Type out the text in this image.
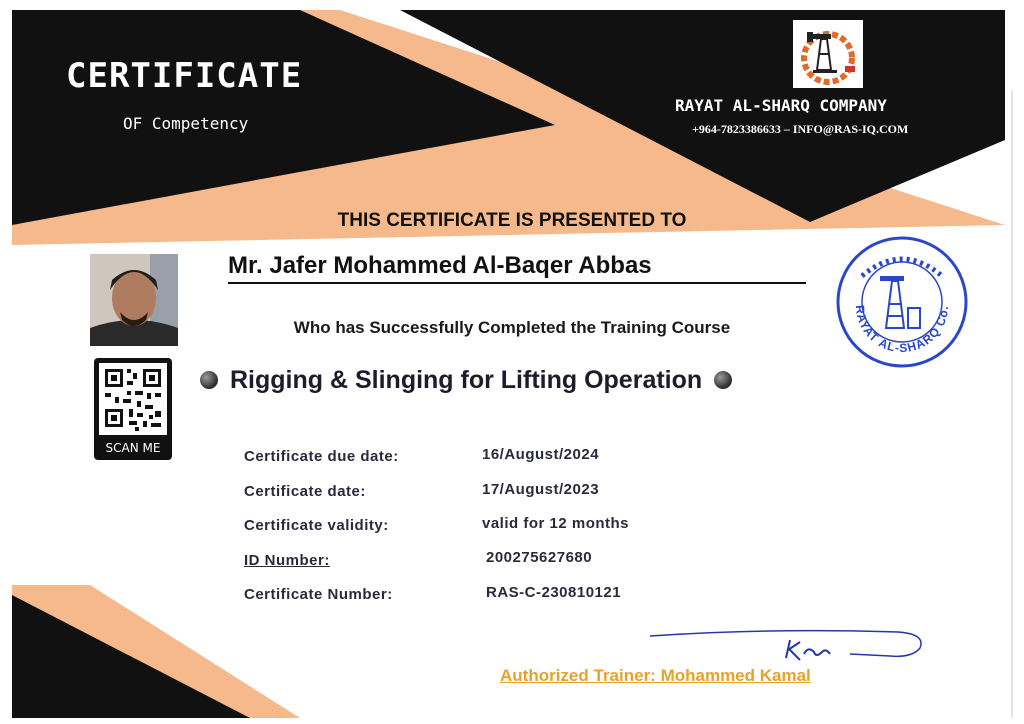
CERTIFICATE
OF Competency
RAYAT AL-SHARQ COMPANY
+964-7823386633 – INFO@RAS-IQ.COM
THIS CERTIFICATE IS PRESENTED TO
Mr. Jafer Mohammed Al-Baqer Abbas
Who has Successfully Completed the Training Course
SCAN ME
Rigging & Slinging for Lifting Operation
Certificate due date:	16/August/2024
Certificate date:	17/August/2023
Certificate validity:	valid for 12 months
ID Number:	200275627680
Certificate Number:	RAS-C-230810121
RAYAT AL-SHARQ Co.
Authorized Trainer: Mohammed Kamal
